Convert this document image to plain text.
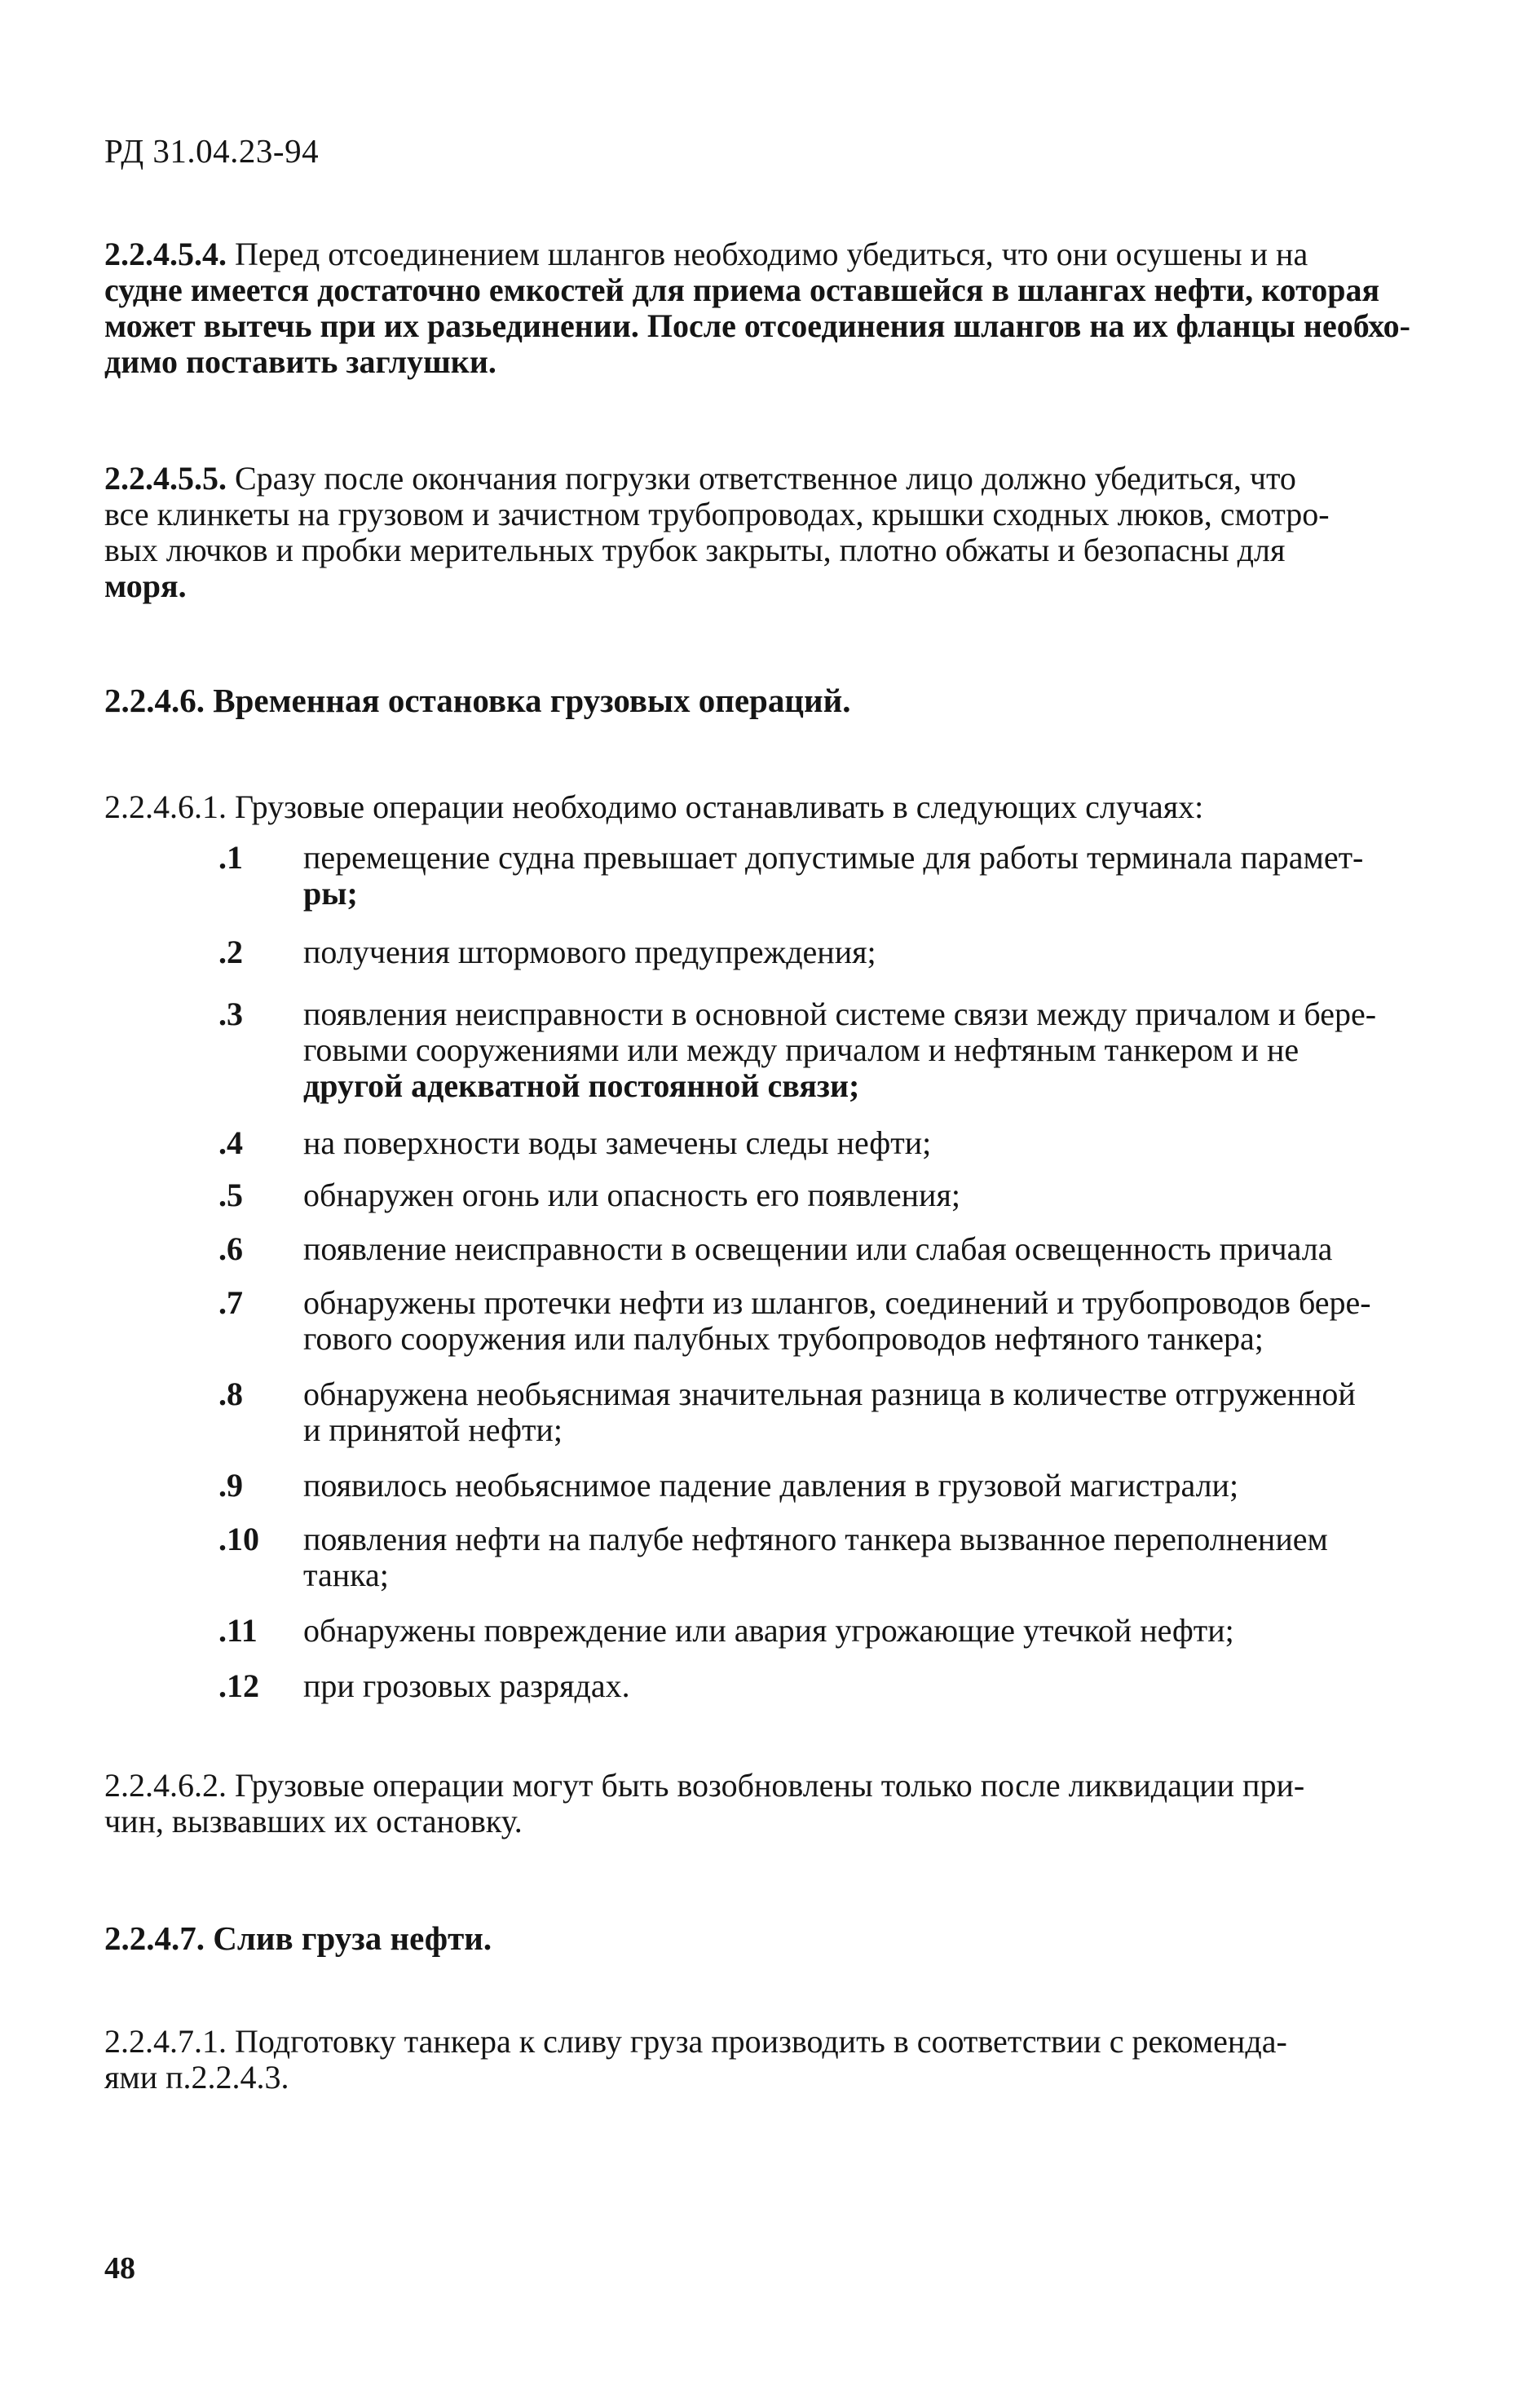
РД 31.04.23-94
2.2.4.5.4. Перед отсоединением шлангов необходимо убедиться, что они осушены и на
судне имеется достаточно емкостей для приема оставшейся в шлангах нефти, которая
может вытечь при их разьединении. После отсоединения шлангов на их фланцы необхо-
димо поставить заглушки.
2.2.4.5.5. Сразу после окончания погрузки ответственное лицо должно убедиться, что
все клинкеты на грузовом и зачистном трубопроводах, крышки сходных люков, смотро-
вых лючков и пробки мерительных трубок закрыты, плотно обжаты и безопасны для
моря.
2.2.4.6. Временная остановка грузовых операций.
2.2.4.6.1. Грузовые операции необходимо останавливать в следующих случаях:
.1 перемещение судна превышает допустимые для работы терминала парамет-
ры;
.2 получения штормового предупреждения;
.3 появления неисправности в основной системе связи между причалом и бере-
говыми сооружениями или между причалом и нефтяным танкером и не
другой адекватной постоянной связи;
.4 на поверхности воды замечены следы нефти;
.5 обнаружен огонь или опасность его появления;
.6 появление неисправности в освещении или слабая освещенность причала
.7 обнаружены протечки нефти из шлангов, соединений и трубопроводов бере-
гового сооружения или палубных трубопроводов нефтяного танкера;
.8 обнаружена необьяснимая значительная разница в количестве отгруженной
и принятой нефти;
.9 появилось необьяснимое падение давления в грузовой магистрали;
.10 появления нефти на палубе нефтяного танкера вызванное переполнением
танка;
.11 обнаружены повреждение или авария угрожающие утечкой нефти;
.12 при грозовых разрядах.
2.2.4.6.2. Грузовые операции могут быть возобновлены только после ликвидации при-
чин, вызвавших их остановку.
2.2.4.7. Слив груза нефти.
2.2.4.7.1. Подготовку танкера к сливу груза производить в соответствии с рекоменда-
ями п.2.2.4.3.
48
